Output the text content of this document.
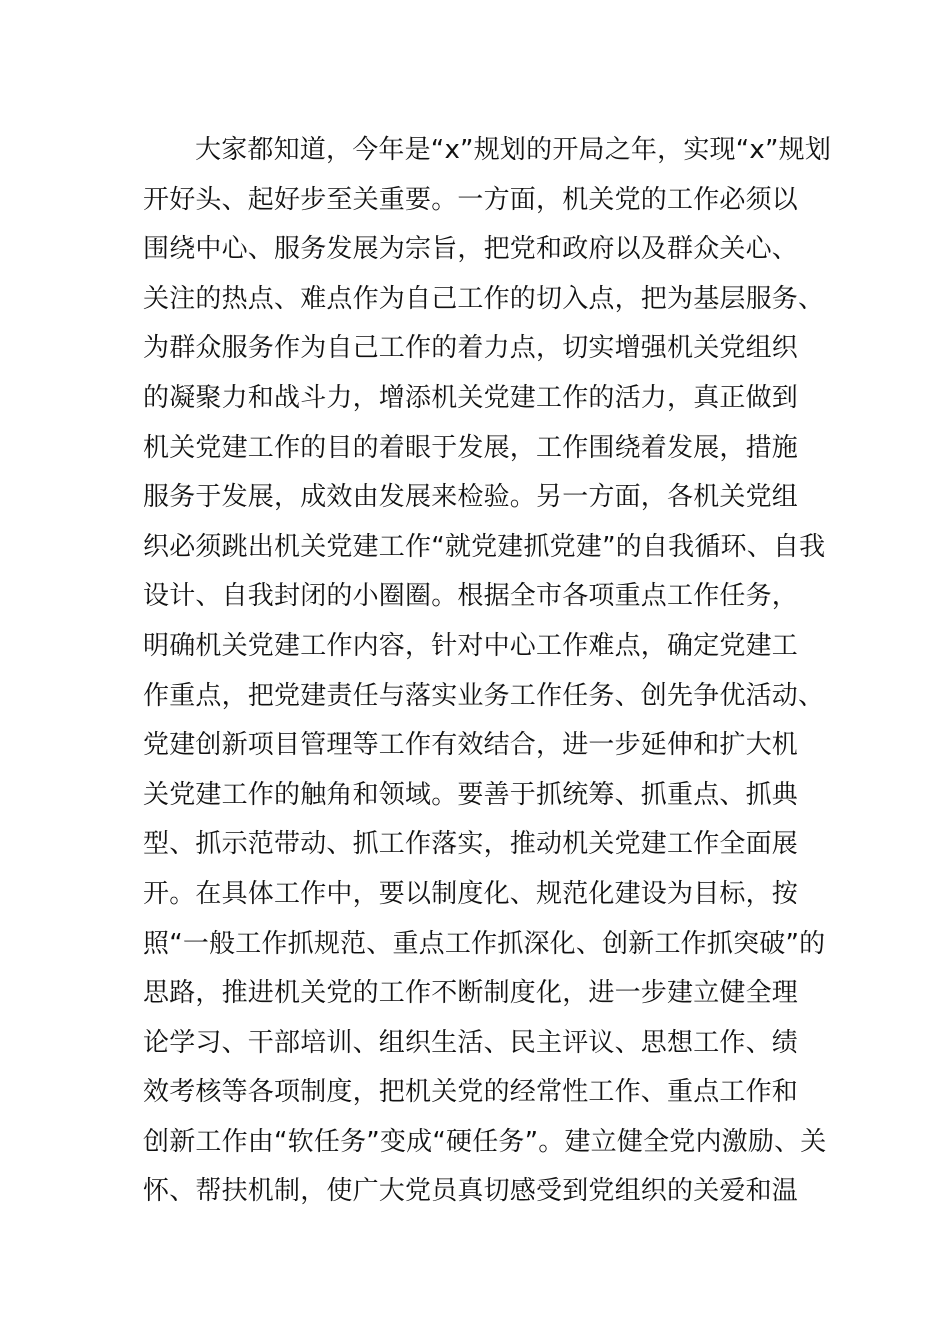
大家都知道，今年是“x”规划的开局之年，实现“x”规划
开好头、起好步至关重要。一方面，机关党的工作必须以
围绕中心、服务发展为宗旨，把党和政府以及群众关心、
关注的热点、难点作为自己工作的切入点，把为基层服务、
为群众服务作为自己工作的着力点，切实增强机关党组织
的凝聚力和战斗力，增添机关党建工作的活力，真正做到
机关党建工作的目的着眼于发展，工作围绕着发展，措施
服务于发展，成效由发展来检验。另一方面，各机关党组
织必须跳出机关党建工作“就党建抓党建”的自我循环、自我
设计、自我封闭的小圈圈。根据全市各项重点工作任务，
明确机关党建工作内容，针对中心工作难点，确定党建工
作重点，把党建责任与落实业务工作任务、创先争优活动、
党建创新项目管理等工作有效结合，进一步延伸和扩大机
关党建工作的触角和领域。要善于抓统筹、抓重点、抓典
型、抓示范带动、抓工作落实，推动机关党建工作全面展
开。在具体工作中，要以制度化、规范化建设为目标，按
照“一般工作抓规范、重点工作抓深化、创新工作抓突破”的
思路，推进机关党的工作不断制度化，进一步建立健全理
论学习、干部培训、组织生活、民主评议、思想工作、绩
效考核等各项制度，把机关党的经常性工作、重点工作和
创新工作由“软任务”变成“硬任务”。建立健全党内激励、关
怀、帮扶机制，使广大党员真切感受到党组织的关爱和温
